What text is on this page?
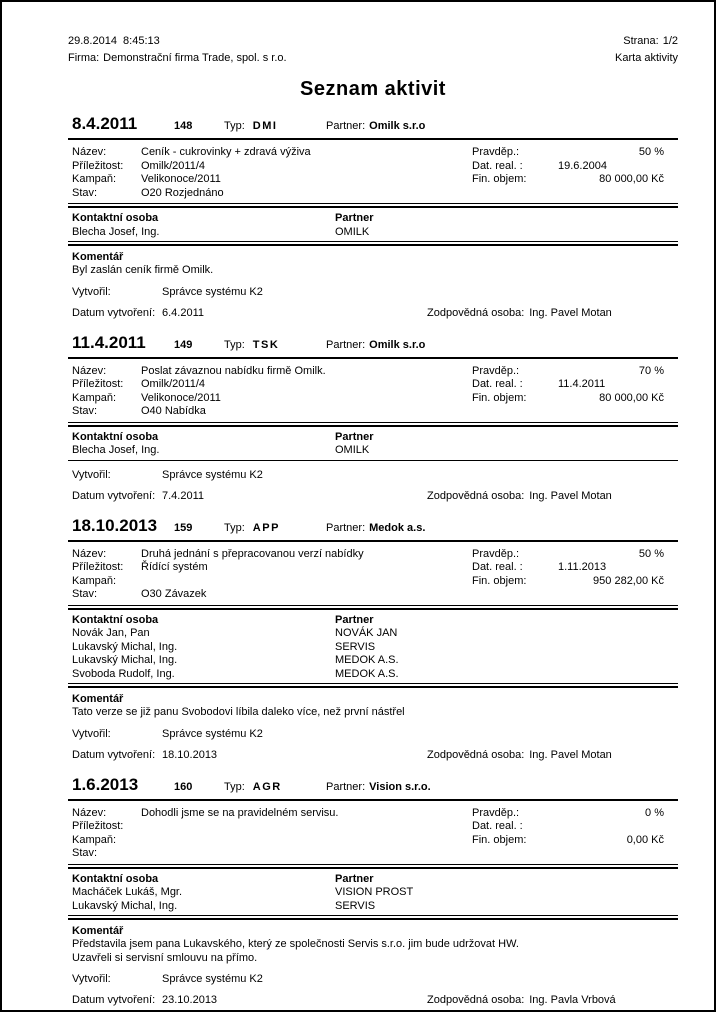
29.8.2014  8:45:13	Strana: 1/2
Firma: Demonstrační firma Trade, spol. s r.o.	Karta aktivity
Seznam aktivit
8.4.2011	148	Typ: DMI	Partner: Omilk s.r.o
Název:	Ceník - cukrovinky + zdravá výživa
Příležitost:	Omilk/2011/4
Kampaň:	Velikonoce/2011
Stav:	O20 Rozjednáno
Pravděp.:	50 %
Dat. real. :	19.6.2004
Fin. objem:	80 000,00 Kč
Kontaktní osoba	Partner
Blecha Josef, Ing.	OMILK
Komentář
Byl zaslán ceník firmě Omilk.
Vytvořil:	Správce systému K2
Datum vytvoření: 6.4.2011	Zodpovědná osoba: Ing. Pavel Motan
11.4.2011	149	Typ: TSK	Partner: Omilk s.r.o
Název:	Poslat závaznou nabídku firmě Omilk.
Příležitost:	Omilk/2011/4
Kampaň:	Velikonoce/2011
Stav:	O40 Nabídka
Pravděp.:	70 %
Dat. real. :	11.4.2011
Fin. objem:	80 000,00 Kč
Kontaktní osoba	Partner
Blecha Josef, Ing.	OMILK
Vytvořil:	Správce systému K2
Datum vytvoření: 7.4.2011	Zodpovědná osoba: Ing. Pavel Motan
18.10.2013	159	Typ: APP	Partner: Medok a.s.
Název:	Druhá jednání s přepracovanou verzí nabídky
Příležitost:	Řídící systém
Kampaň:
Stav:	O30 Závazek
Pravděp.:	50 %
Dat. real. :	1.11.2013
Fin. objem:	950 282,00 Kč
Kontaktní osoba	Partner
Novák Jan, Pan	NOVÁK JAN
Lukavský Michal, Ing.	SERVIS
Lukavský Michal, Ing.	MEDOK A.S.
Svoboda Rudolf, Ing.	MEDOK A.S.
Komentář
Tato verze se již panu Svobodovi líbila daleko více, než první nástřel
Vytvořil:	Správce systému K2
Datum vytvoření: 18.10.2013	Zodpovědná osoba: Ing. Pavel Motan
1.6.2013	160	Typ: AGR	Partner: Vision s.r.o.
Název:	Dohodli jsme se na pravidelném servisu.
Příležitost:
Kampaň:
Stav:
Pravděp.:	0 %
Dat. real. :
Fin. objem:	0,00 Kč
Kontaktní osoba	Partner
Macháček Lukáš, Mgr.	VISION PROST
Lukavský Michal, Ing.	SERVIS
Komentář
Představila jsem pana Lukavského, který ze společnosti Servis s.r.o. jim bude udržovat HW.
Uzavřeli si servisní smlouvu na přímo.
Vytvořil:	Správce systému K2
Datum vytvoření: 23.10.2013	Zodpovědná osoba: Ing. Pavla Vrbová
